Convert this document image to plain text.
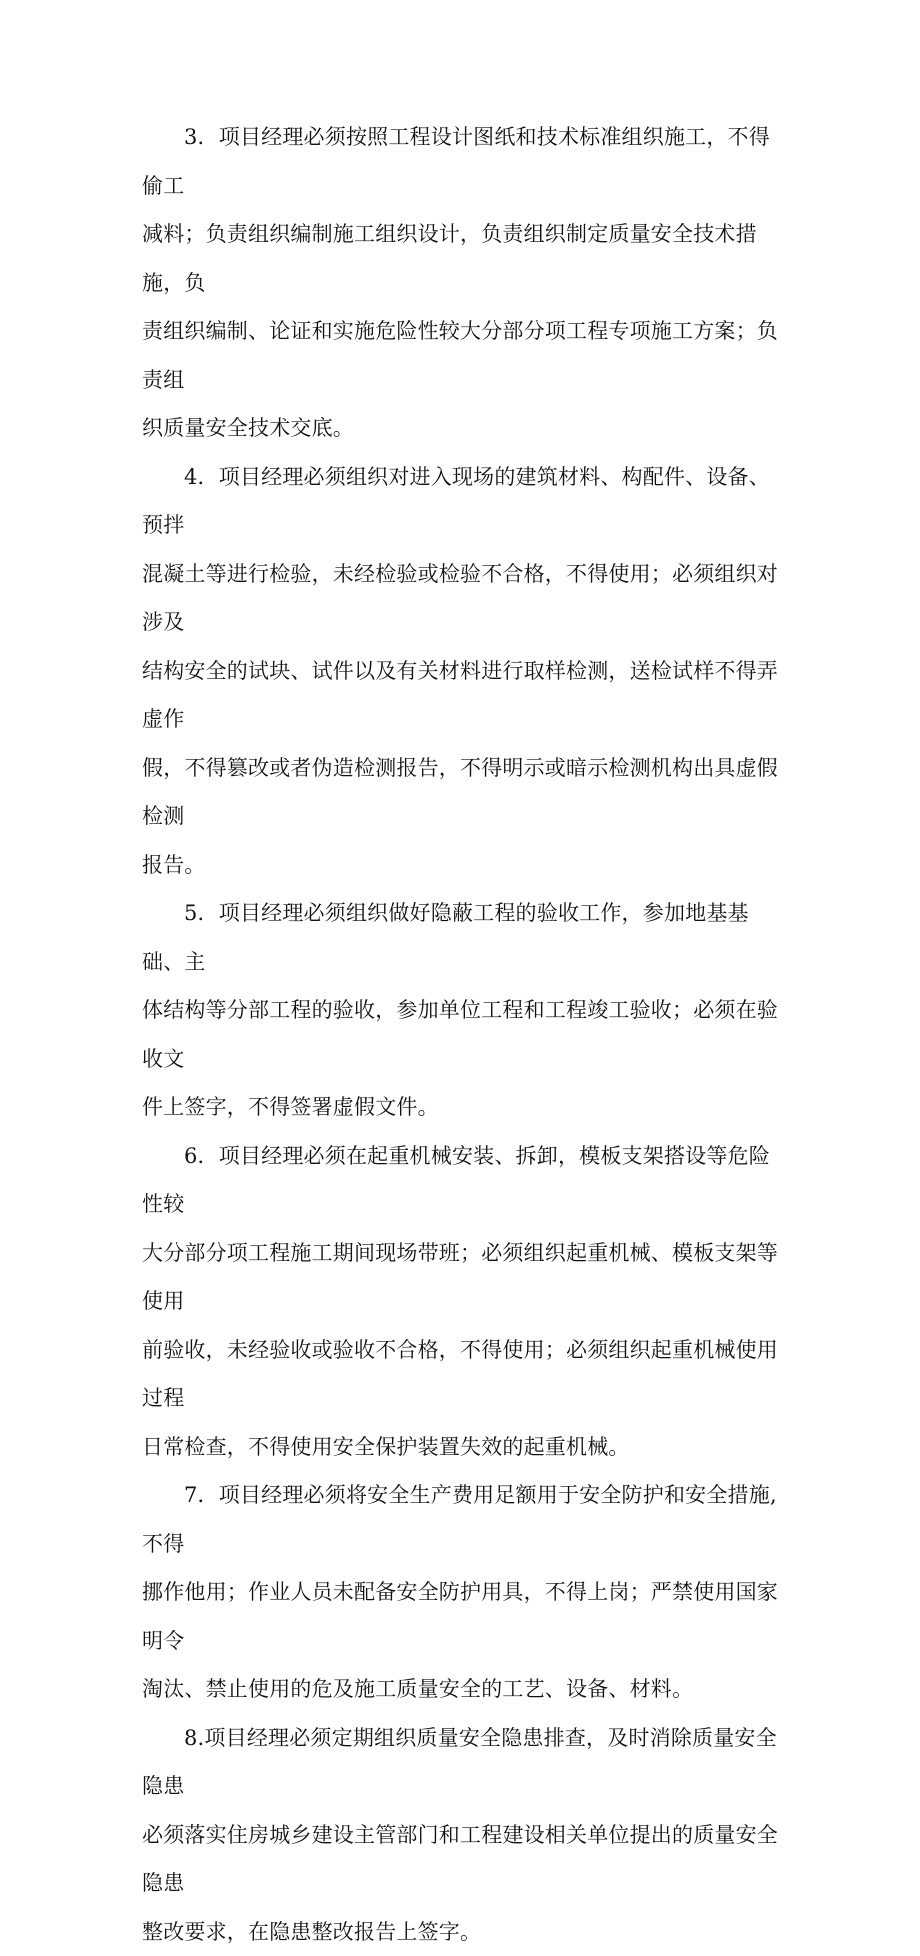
3．项目经理必须按照工程设计图纸和技术标准组织施工，不得偷工
减料；负责组织编制施工组织设计，负责组织制定质量安全技术措施，负
责组织编制、论证和实施危险性较大分部分项工程专项施工方案；负责组
织质量安全技术交底。

4．项目经理必须组织对进入现场的建筑材料、构配件、设备、预拌
混凝土等进行检验，未经检验或检验不合格，不得使用；必须组织对涉及
结构安全的试块、试件以及有关材料进行取样检测，送检试样不得弄虚作
假，不得篡改或者伪造检测报告，不得明示或暗示检测机构出具虚假检测
报告。

5．项目经理必须组织做好隐蔽工程的验收工作，参加地基基础、主
体结构等分部工程的验收，参加单位工程和工程竣工验收；必须在验收文
件上签字，不得签署虚假文件。

6．项目经理必须在起重机械安装、拆卸，模板支架搭设等危险性较
大分部分项工程施工期间现场带班；必须组织起重机械、模板支架等使用
前验收，未经验收或验收不合格，不得使用；必须组织起重机械使用过程
日常检查，不得使用安全保护装置失效的起重机械。

7．项目经理必须将安全生产费用足额用于安全防护和安全措施,不得
挪作他用；作业人员未配备安全防护用具，不得上岗；严禁使用国家明令
淘汰、禁止使用的危及施工质量安全的工艺、设备、材料。

8.项目经理必须定期组织质量安全隐患排查，及时消除质量安全隐患
必须落实住房城乡建设主管部门和工程建设相关单位提出的质量安全隐患
整改要求，在隐患整改报告上签字。
